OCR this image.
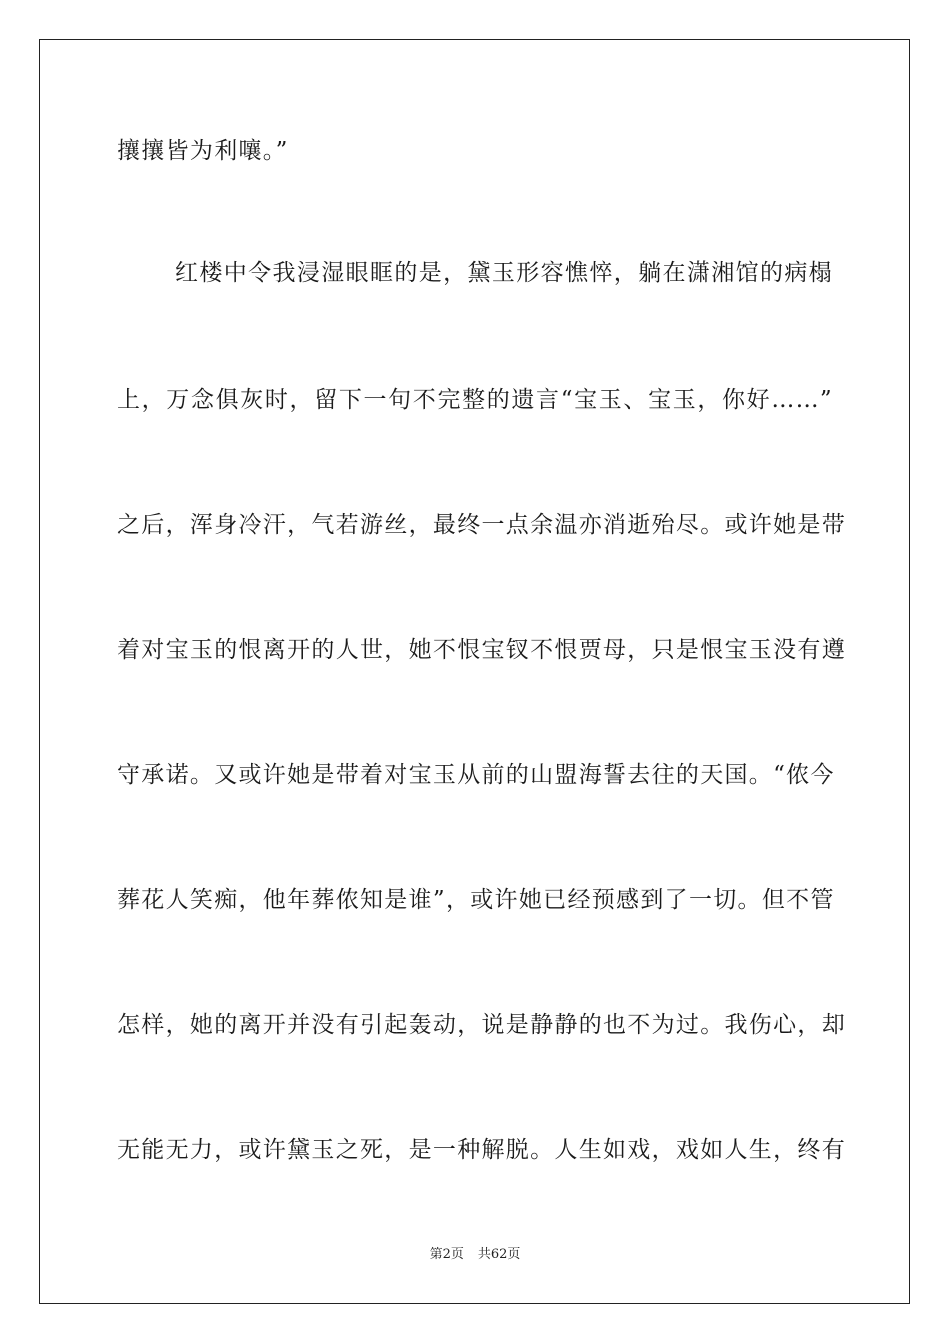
攘攘皆为利嚷。”
红楼中令我浸湿眼眶的是，黛玉形容憔悴，躺在潇湘馆的病榻
上，万念俱灰时，留下一句不完整的遗言“宝玉、宝玉，你好……”
之后，浑身冷汗，气若游丝，最终一点余温亦消逝殆尽。或许她是带
着对宝玉的恨离开的人世，她不恨宝钗不恨贾母，只是恨宝玉没有遵
守承诺。又或许她是带着对宝玉从前的山盟海誓去往的天国。“侬今
葬花人笑痴，他年葬侬知是谁”，或许她已经预感到了一切。但不管
怎样，她的离开并没有引起轰动，说是静静的也不为过。我伤心，却
无能无力，或许黛玉之死，是一种解脱。人生如戏，戏如人生，终有
第2页 共62页
